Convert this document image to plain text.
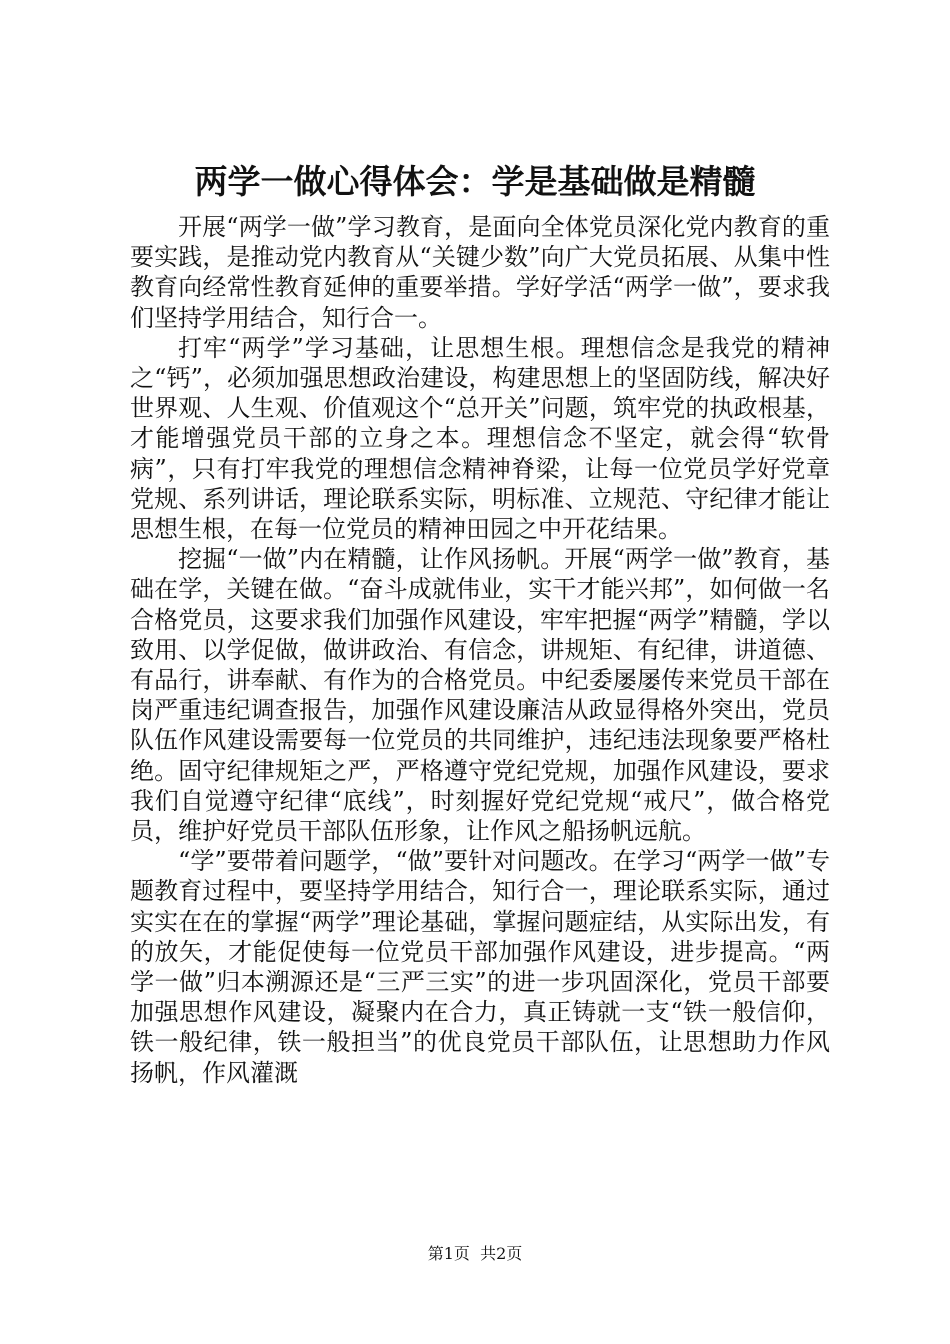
两学一做心得体会：学是基础做是精髓

开展“两学一做”学习教育，是面向全体党员深化党内教育的重要实践，是推动党内教育从“关键少数”向广大党员拓展、从集中性教育向经常性教育延伸的重要举措。学好学活“两学一做”，要求我们坚持学用结合，知行合一。

打牢“两学”学习基础，让思想生根。理想信念是我党的精神之“钙”，必须加强思想政治建设，构建思想上的坚固防线，解决好世界观、人生观、价值观这个“总开关”问题，筑牢党的执政根基，才能增强党员干部的立身之本。理想信念不坚定，就会得“软骨病”，只有打牢我党的理想信念精神脊梁，让每一位党员学好党章党规、系列讲话，理论联系实际，明标准、立规范、守纪律才能让思想生根，在每一位党员的精神田园之中开花结果。

挖掘“一做”内在精髓，让作风扬帆。开展“两学一做”教育，基础在学，关键在做。“奋斗成就伟业，实干才能兴邦”，如何做一名合格党员，这要求我们加强作风建设，牢牢把握“两学”精髓，学以致用、以学促做，做讲政治、有信念，讲规矩、有纪律，讲道德、有品行，讲奉献、有作为的合格党员。中纪委屡屡传来党员干部在岗严重违纪调查报告，加强作风建设廉洁从政显得格外突出，党员队伍作风建设需要每一位党员的共同维护，违纪违法现象要严格杜绝。固守纪律规矩之严，严格遵守党纪党规，加强作风建设，要求我们自觉遵守纪律“底线”，时刻握好党纪党规“戒尺”，做合格党员，维护好党员干部队伍形象，让作风之船扬帆远航。

“学”要带着问题学，“做”要针对问题改。在学习“两学一做”专题教育过程中，要坚持学用结合，知行合一，理论联系实际，通过实实在在的掌握“两学”理论基础，掌握问题症结，从实际出发，有的放矢，才能促使每一位党员干部加强作风建设，进步提高。“两学一做”归本溯源还是“三严三实”的进一步巩固深化，党员干部要加强思想作风建设，凝聚内在合力，真正铸就一支“铁一般信仰，铁一般纪律，铁一般担当”的优良党员干部队伍，让思想助力作风扬帆，作风灌溉

第1页  共2页
